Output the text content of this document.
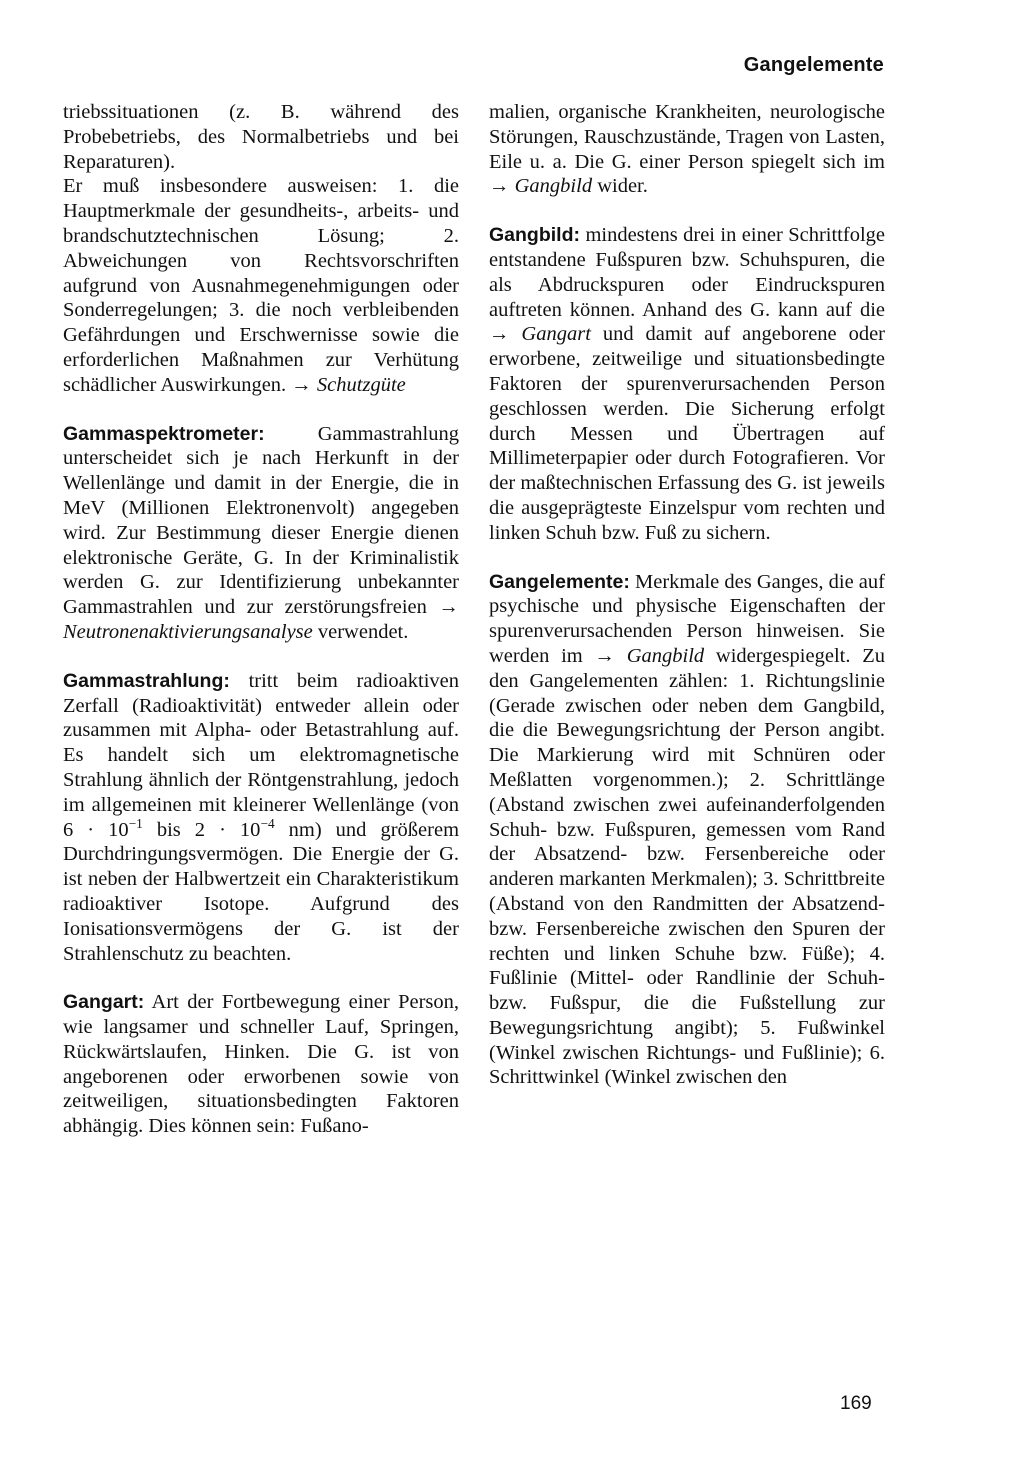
Gangelemente

triebssituationen (z. B. während des Probebetriebs, des Normalbetriebs und bei Reparaturen).

Er muß insbesondere ausweisen: 1. die Hauptmerkmale der gesundheits-, arbeits- und brandschutztechnischen Lösung; 2. Abweichungen von Rechtsvorschriften aufgrund von Ausnahmegenehmigungen oder Sonderregelungen; 3. die noch verbleibenden Gefährdungen und Erschwernisse sowie die erforderlichen Maßnahmen zur Verhütung schädlicher Auswirkungen. → Schutzgüte

Gammaspektrometer: Gammastrahlung unterscheidet sich je nach Herkunft in der Wellenlänge und damit in der Energie, die in MeV (Millionen Elektronenvolt) angegeben wird. Zur Bestimmung dieser Energie dienen elektronische Geräte, G. In der Kriminalistik werden G. zur Identifizierung unbekannter Gammastrahlen und zur zerstörungsfreien → Neutronenaktivierungsanalyse verwendet.

Gammastrahlung: tritt beim radioaktiven Zerfall (Radioaktivität) entweder allein oder zusammen mit Alpha- oder Betastrahlung auf. Es handelt sich um elektromagnetische Strahlung ähnlich der Röntgenstrahlung, jedoch im allgemeinen mit kleinerer Wellenlänge (von $6 \cdot 10^{-1}$ bis $2 \cdot 10^{-4}$ nm) und größerem Durchdringungsvermögen. Die Energie der G. ist neben der Halbwertzeit ein Charakteristikum radioaktiver Isotope. Aufgrund des Ionisationsvermögens der G. ist der Strahlenschutz zu beachten.

Gangart: Art der Fortbewegung einer Person, wie langsamer und schneller Lauf, Springen, Rückwärtslaufen, Hinken. Die G. ist von angeborenen oder erworbenen sowie von zeitweiligen, situationsbedingten Faktoren abhängig. Dies können sein: Fußano-

malien, organische Krankheiten, neurologische Störungen, Rauschzustände, Tragen von Lasten, Eile u. a. Die G. einer Person spiegelt sich im → Gangbild wider.

Gangbild: mindestens drei in einer Schrittfolge entstandene Fußspuren bzw. Schuhspuren, die als Abdruckspuren oder Eindruckspuren auftreten können. Anhand des G. kann auf die → Gangart und damit auf angeborene oder erworbene, zeitweilige und situationsbedingte Faktoren der spurenverursachenden Person geschlossen werden. Die Sicherung erfolgt durch Messen und Übertragen auf Millimeterpapier oder durch Fotografieren. Vor der maßtechnischen Erfassung des G. ist jeweils die ausgeprägteste Einzelspur vom rechten und linken Schuh bzw. Fuß zu sichern.

Gangelemente: Merkmale des Ganges, die auf psychische und physische Eigenschaften der spurenverursachenden Person hinweisen. Sie werden im → Gangbild widergespiegelt. Zu den Gangelementen zählen: 1. Richtungslinie (Gerade zwischen oder neben dem Gangbild, die die Bewegungsrichtung der Person angibt. Die Markierung wird mit Schnüren oder Meßlatten vorgenommen.); 2. Schrittlänge (Abstand zwischen zwei aufeinanderfolgenden Schuh- bzw. Fußspuren, gemessen vom Rand der Absatzend- bzw. Fersenbereiche oder anderen markanten Merkmalen); 3. Schrittbreite (Abstand von den Randmitten der Absatzend- bzw. Fersenbereiche zwischen den Spuren der rechten und linken Schuhe bzw. Füße); 4. Fußlinie (Mittel- oder Randlinie der Schuh- bzw. Fußspur, die die Fußstellung zur Bewegungsrichtung angibt); 5. Fußwinkel (Winkel zwischen Richtungs- und Fußlinie); 6. Schrittwinkel (Winkel zwischen den

169
